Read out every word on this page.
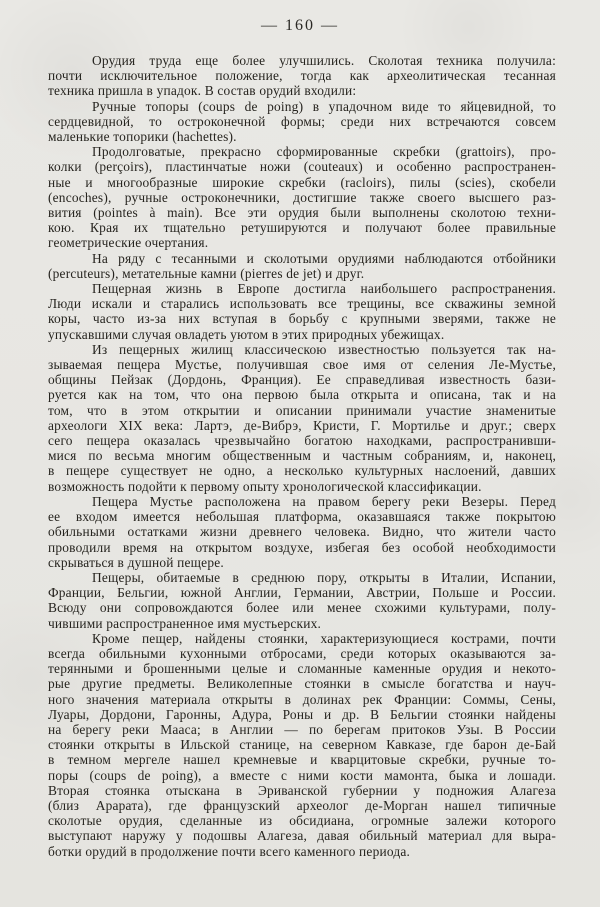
— 160 —
Орудия труда еще более улучшились. Сколотая техника получила:
почти исключительное положение, тогда как археолитическая тесанная
техника пришла в упадок. В состав орудий входили:
Ручные топоры (coups de poing) в упадочном виде то яйцевидной, то
сердцевидной, то остроконечной формы; среди них встречаются совсем
маленькие топорики (hachettes).
Продолговатые, прекрасно сформированные скребки (grattoirs), про-
колки (perçoirs), пластинчатые ножи (couteaux) и особенно распространен-
ные и многообразные широкие скребки (racloirs), пилы (scies), скобели
(encoches), ручные остроконечники, достигшие также своего высшего раз-
вития (pointes à main). Все эти орудия были выполнены сколотою техни-
кою. Края их тщательно ретушируются и получают более правильные
геометрические очертания.
На ряду с тесанными и сколотыми орудиями наблюдаются отбойники
(percuteurs), метательные камни (pierres de jet) и друг.
Пещерная жизнь в Европе достигла наибольшего распространения.
Люди искали и старались использовать все трещины, все скважины земной
коры, часто из-за них вступая в борьбу с крупными зверями, также не
упускавшими случая овладеть уютом в этих природных убежищах.
Из пещерных жилищ классическою известностью пользуется так на-
зываемая пещера Мустье, получившая свое имя от селения Ле-Мустье,
общины Пейзак (Дордонь, Франция). Ее справедливая известность бази-
руется как на том, что она первою была открыта и описана, так и на
том, что в этом открытии и описании принимали участие знаменитые
археологи XIX века: Лартэ, де-Вибрэ, Кристи, Г. Мортилье и друг.; сверх
сего пещера оказалась чрезвычайно богатою находками, распространивши-
мися по весьма многим общественным и частным собраниям, и, наконец,
в пещере существует не одно, а несколько культурных наслоений, давших
возможность подойти к первому опыту хронологической классификации.
Пещера Мустье расположена на правом берегу реки Везеры. Перед
ее входом имеется небольшая платформа, оказавшаяся также покрытою
обильными остатками жизни древнего человека. Видно, что жители часто
проводили время на открытом воздухе, избегая без особой необходимости
скрываться в душной пещере.
Пещеры, обитаемые в среднюю пору, открыты в Италии, Испании,
Франции, Бельгии, южной Англии, Германии, Австрии, Польше и России.
Всюду они сопровождаются более или менее схожими культурами, полу-
чившими распространенное имя мустьерских.
Кроме пещер, найдены стоянки, характеризующиеся кострами, почти
всегда обильными кухонными отбросами, среди которых оказываются за-
терянными и брошенными целые и сломанные каменные орудия и некото-
рые другие предметы. Великолепные стоянки в смысле богатства и науч-
ного значения материала открыты в долинах рек Франции: Соммы, Сены,
Луары, Дордони, Гаронны, Адура, Роны и др. В Бельгии стоянки найдены
на берегу реки Мааса; в Англии — по берегам притоков Узы. В России
стоянки открыты в Ильской станице, на северном Кавказе, где барон де-Бай
в темном мергеле нашел кремневые и кварцитовые скребки, ручные то-
поры (coups de poing), а вместе с ними кости мамонта, быка и лошади.
Вторая стоянка отыскана в Эриванской губернии у подножия Алагеза
(близ Арарата), где французский археолог де-Морган нашел типичные
сколотые орудия, сделанные из обсидиана, огромные залежи которого
выступают наружу у подошвы Алагеза, давая обильный материал для выра-
ботки орудий в продолжение почти всего каменного периода.
